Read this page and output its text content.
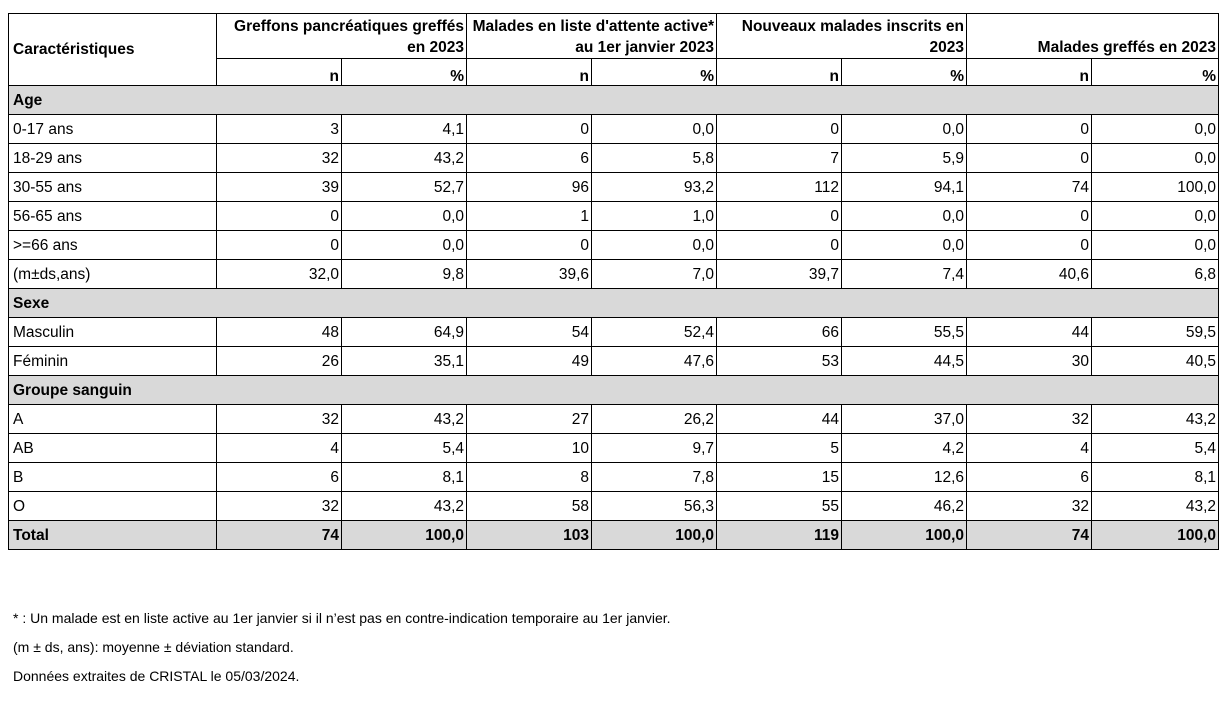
Caractéristiques	Greffons pancréatiques greffés en 2023		Malades en liste d'attente active* au 1er janvier 2023		Nouveaux malades inscrits en 2023		Malades greffés en 2023	
	n	%	n	%	n	%	n	%
Age								
0-17 ans	3	4,1	0	0,0	0	0,0	0	0,0
18-29 ans	32	43,2	6	5,8	7	5,9	0	0,0
30-55 ans	39	52,7	96	93,2	112	94,1	74	100,0
56-65 ans	0	0,0	1	1,0	0	0,0	0	0,0
>=66 ans	0	0,0	0	0,0	0	0,0	0	0,0
(m±ds,ans)	32,0	9,8	39,6	7,0	39,7	7,4	40,6	6,8
Sexe								
Masculin	48	64,9	54	52,4	66	55,5	44	59,5
Féminin	26	35,1	49	47,6	53	44,5	30	40,5
Groupe sanguin								
A	32	43,2	27	26,2	44	37,0	32	43,2
AB	4	5,4	10	9,7	5	4,2	4	5,4
B	6	8,1	8	7,8	15	12,6	6	8,1
O	32	43,2	58	56,3	55	46,2	32	43,2
Total	74	100,0	103	100,0	119	100,0	74	100,0
* : Un malade est en liste active au 1er janvier si il n’est pas en contre-indication temporaire au 1er janvier.
(m ± ds, ans): moyenne ± déviation standard.
Données extraites de CRISTAL le 05/03/2024.
